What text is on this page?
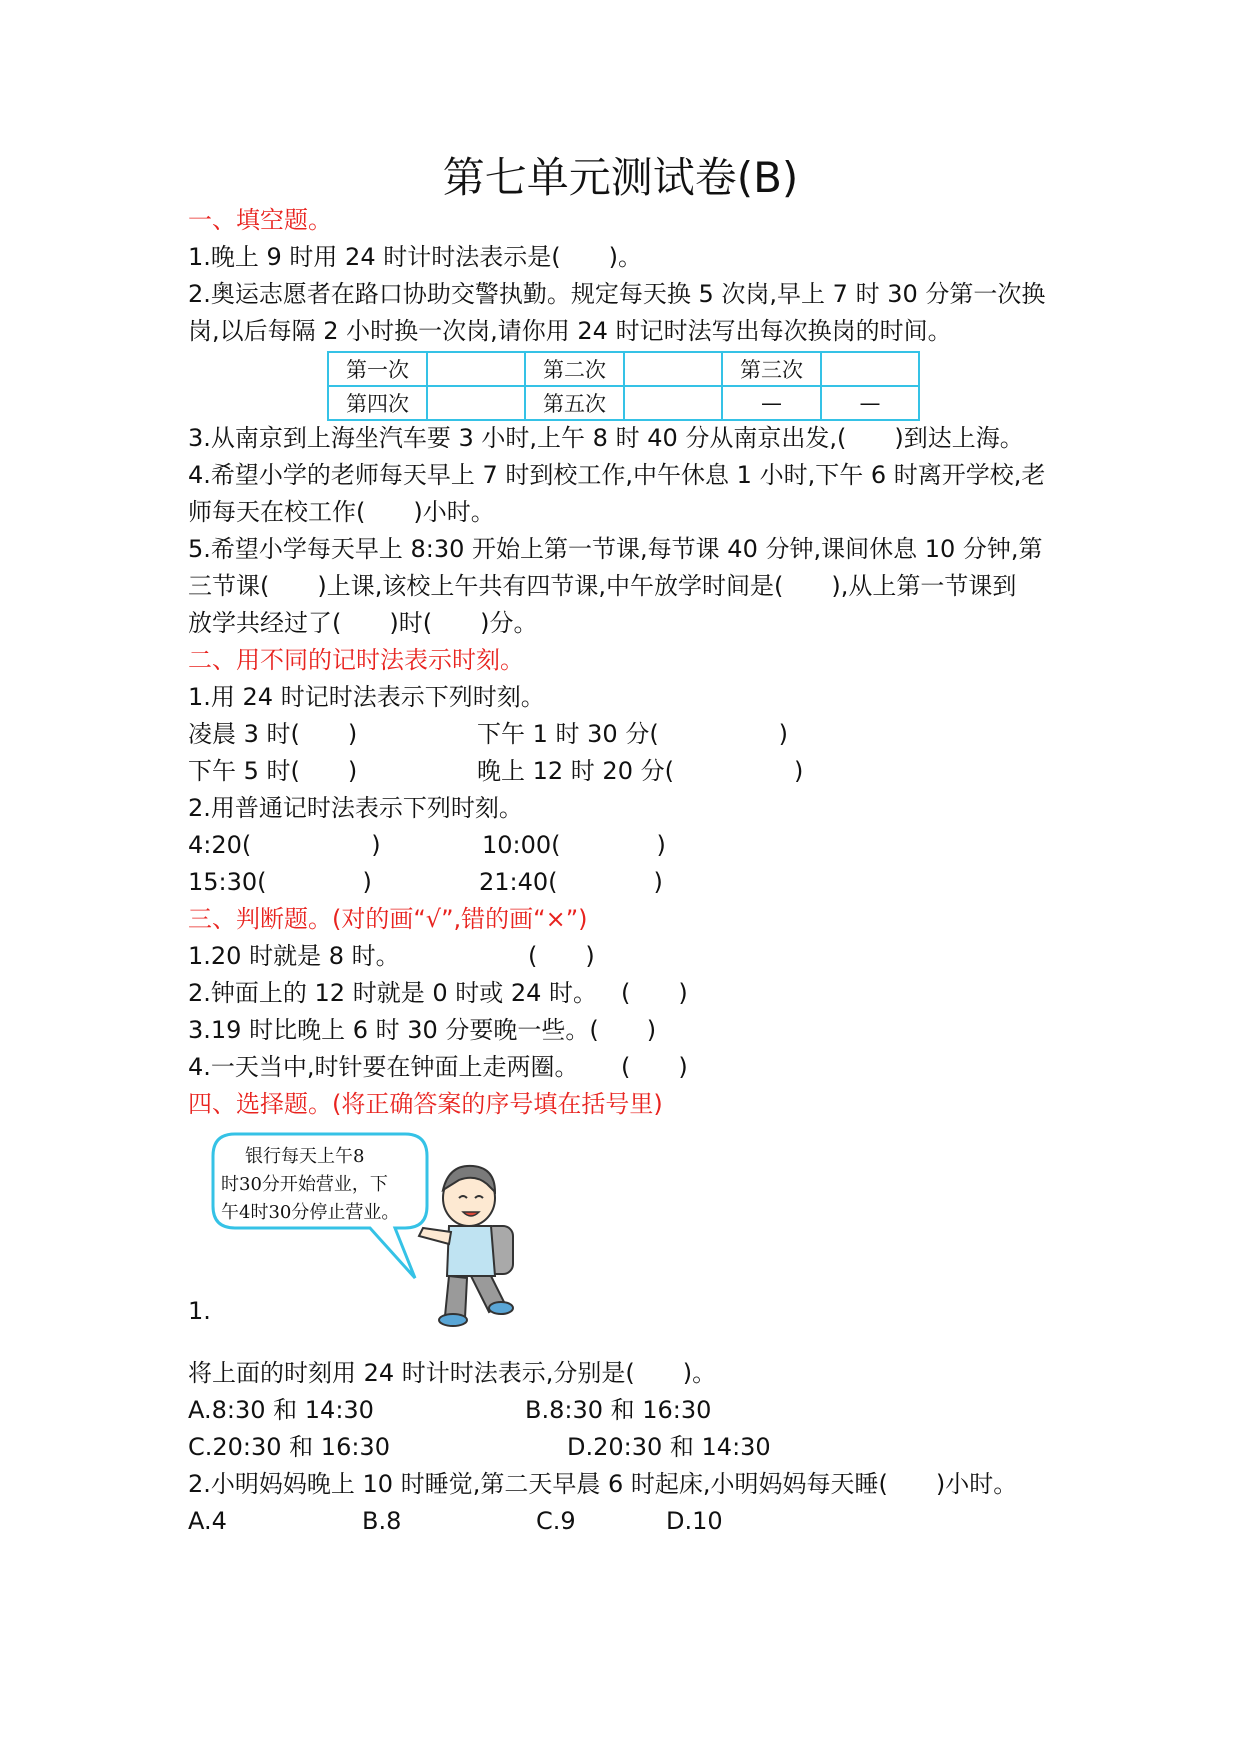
第七单元测试卷(B)

一、填空题。

1.晚上 9 时用 24 时计时法表示是(　　)。

2.奥运志愿者在路口协助交警执勤。规定每天换 5 次岗,早上 7 时 30 分第一次换

岗,以后每隔 2 小时换一次岗,请你用 24 时记时法写出每次换岗的时间。

第一次		第二次		第三次	
第四次		第五次		—	—

3.从南京到上海坐汽车要 3 小时,上午 8 时 40 分从南京出发,(　　)到达上海。

4.希望小学的老师每天早上 7 时到校工作,中午休息 1 小时,下午 6 时离开学校,老

师每天在校工作(　　)小时。

5.希望小学每天早上 8:30 开始上第一节课,每节课 40 分钟,课间休息 10 分钟,第

三节课(　　)上课,该校上午共有四节课,中午放学时间是(　　),从上第一节课到

放学共经过了(　　)时(　　)分。

二、用不同的记时法表示时刻。

1.用 24 时记时法表示下列时刻。

凌晨 3 时(　　)	下午 1 时 30 分(　　　　　)

下午 5 时(　　)	晚上 12 时 20 分(　　　　　)

2.用普通记时法表示下列时刻。

4:20(　　　　　)	10:00(　　　　)

15:30(　　　　)	21:40(　　　　)

三、判断题。(对的画“√”,错的画“×”)

1.20 时就是 8 时。	(　　)

2.钟面上的 12 时就是 0 时或 24 时。 (　　)

3.19 时比晚上 6 时 30 分要晚一些。(　　)

4.一天当中,时针要在钟面上走两圈。 (　　)

四、选择题。(将正确答案的序号填在括号里)

银行每天上午8
时30分开始营业，下
午4时30分停止营业。

1.

将上面的时刻用 24 时计时法表示,分别是(　　)。

A.8:30 和 14:30	B.8:30 和 16:30

C.20:30 和 16:30	D.20:30 和 14:30

2.小明妈妈晚上 10 时睡觉,第二天早晨 6 时起床,小明妈妈每天睡(　　)小时。

A.4	B.8	C.9	D.10
